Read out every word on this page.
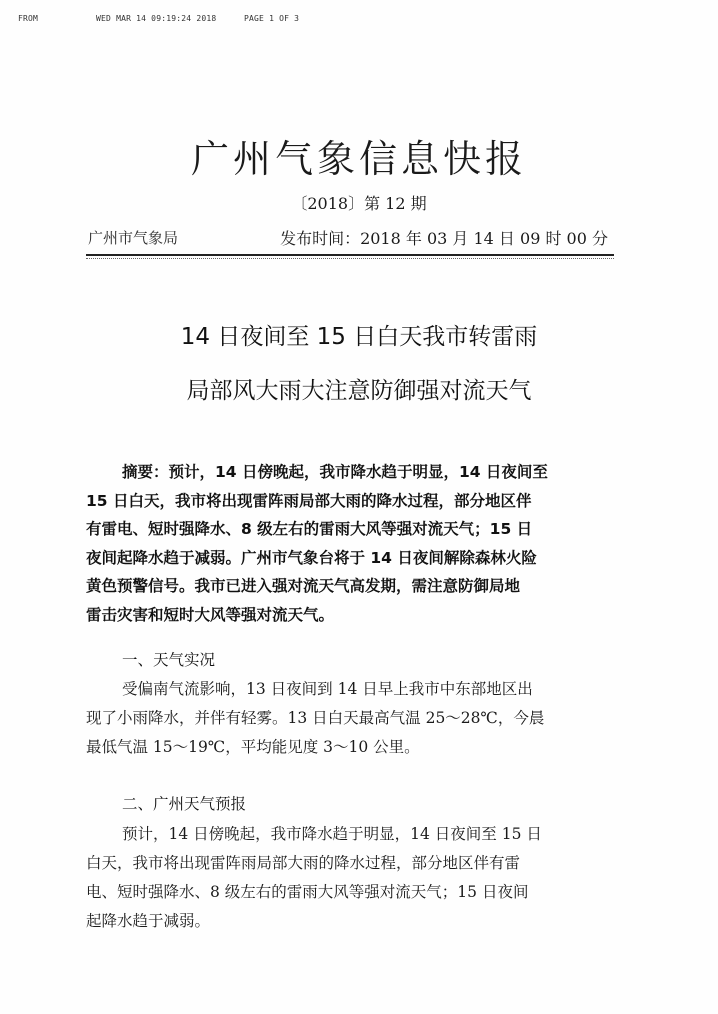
FROM	WED MAR 14 09:19:24 2018	PAGE 1 OF 3
广州气象信息快报
〔2018〕第 12 期
广州市气象局	发布时间：2018 年 03 月 14 日 09 时 00 分
14 日夜间至 15 日白天我市转雷雨
局部风大雨大注意防御强对流天气
摘要：预计，14 日傍晚起，我市降水趋于明显，14 日夜间至
15 日白天，我市将出现雷阵雨局部大雨的降水过程，部分地区伴
有雷电、短时强降水、8 级左右的雷雨大风等强对流天气；15 日
夜间起降水趋于减弱。广州市气象台将于 14 日夜间解除森林火险
黄色预警信号。我市已进入强对流天气高发期，需注意防御局地
雷击灾害和短时大风等强对流天气。
一、天气实况
受偏南气流影响，13 日夜间到 14 日早上我市中东部地区出
现了小雨降水，并伴有轻雾。13 日白天最高气温 25～28℃，今晨
最低气温 15～19℃，平均能见度 3～10 公里。
二、广州天气预报
预计，14 日傍晚起，我市降水趋于明显，14 日夜间至 15 日
白天，我市将出现雷阵雨局部大雨的降水过程，部分地区伴有雷
电、短时强降水、8 级左右的雷雨大风等强对流天气；15 日夜间
起降水趋于减弱。
